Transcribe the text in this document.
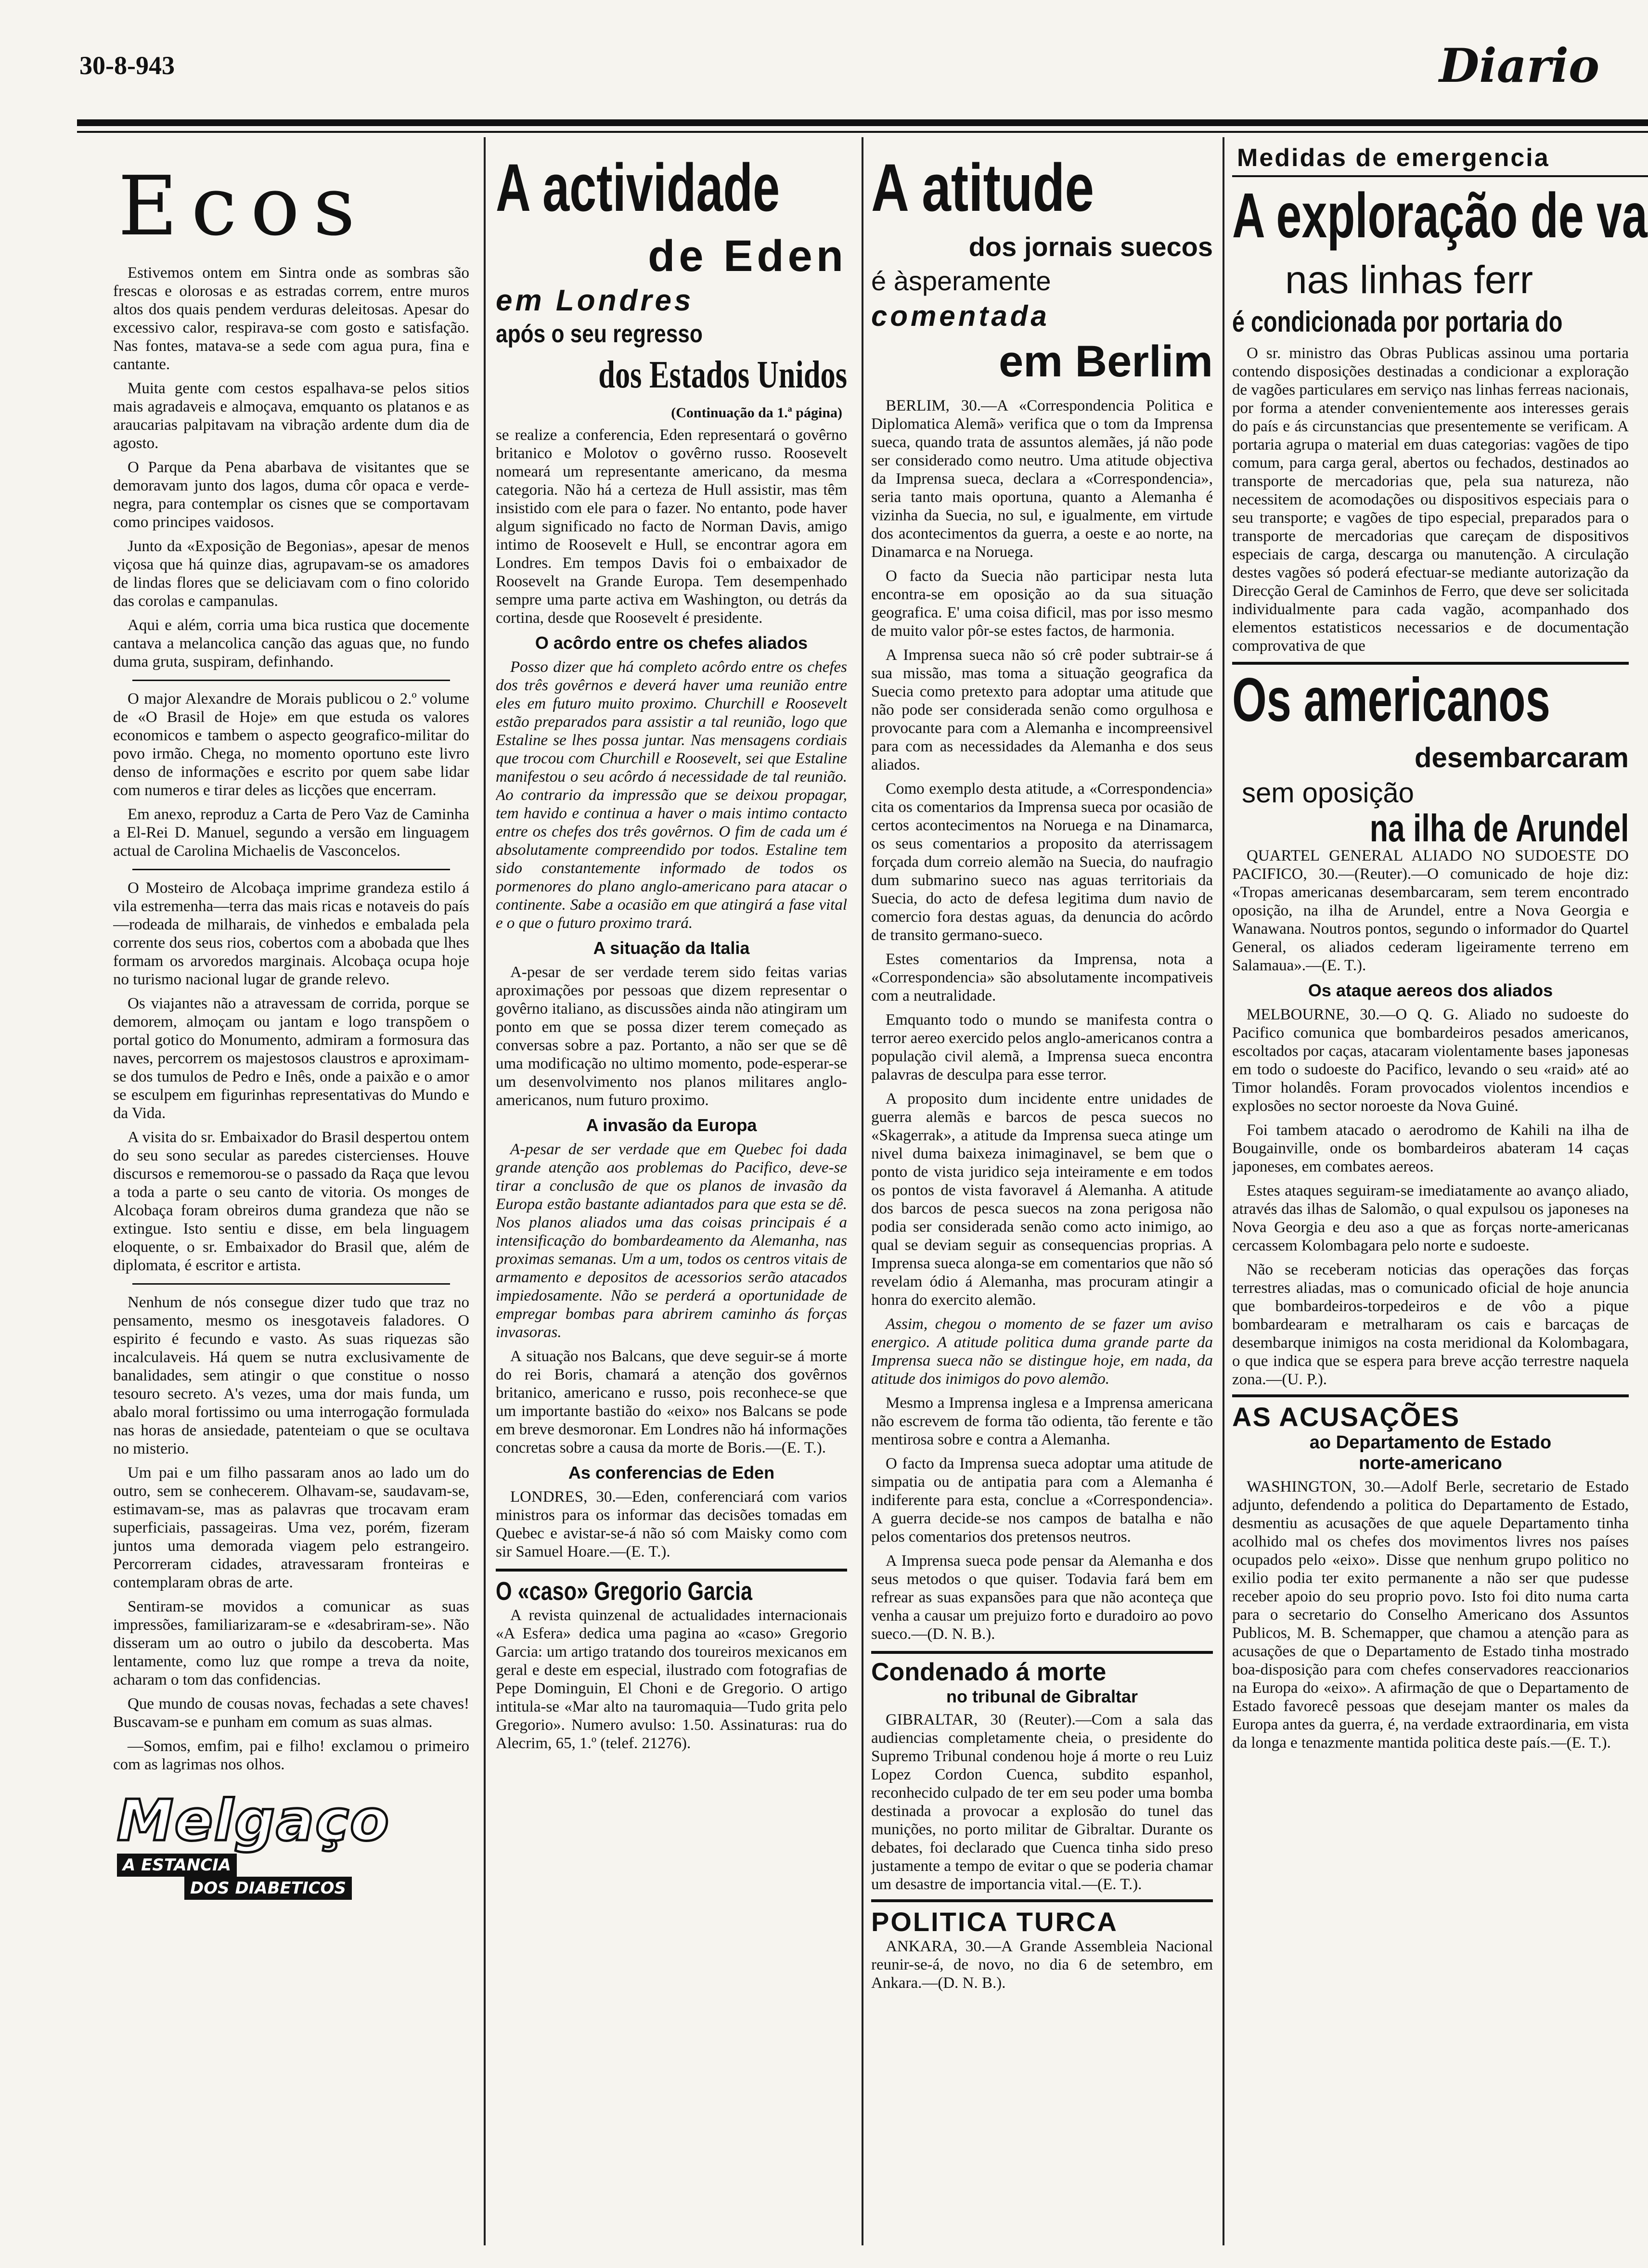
30-8-943	Diario
Ecos

Estivemos ontem em Sintra onde as sombras são frescas e olorosas e as estradas correm, entre muros altos dos quais pendem verduras deleitosas. Apesar do excessivo calor, respirava-se com gosto e satisfação. Nas fontes, matava-se a sede com agua pura, fina e cantante.

Muita gente com cestos espalhava-se pelos sitios mais agradaveis e almoçava, emquanto os platanos e as araucarias palpitavam na vibração ardente dum dia de agosto.

O Parque da Pena abarbava de visitantes que se demoravam junto dos lagos, duma côr opaca e verde-negra, para contemplar os cisnes que se comportavam como principes vaidosos.

Junto da «Exposição de Begonias», apesar de menos viçosa que há quinze dias, agrupavam-se os amadores de lindas flores que se deliciavam com o fino colorido das corolas e campanulas.

Aqui e além, corria uma bica rustica que docemente cantava a melancolica canção das aguas que, no fundo duma gruta, suspiram, definhando.

O major Alexandre de Morais publicou o 2.º volume de «O Brasil de Hoje» em que estuda os valores economicos e tambem o aspecto geografico-militar do povo irmão. Chega, no momento oportuno este livro denso de informações e escrito por quem sabe lidar com numeros e tirar deles as licções que encerram.

Em anexo, reproduz a Carta de Pero Vaz de Caminha a El-Rei D. Manuel, segundo a versão em linguagem actual de Carolina Michaelis de Vasconcelos.

O Mosteiro de Alcobaça imprime grandeza estilo á vila estremenha—terra das mais ricas e notaveis do país—rodeada de milharais, de vinhedos e embalada pela corrente dos seus rios, cobertos com a abobada que lhes formam os arvoredos marginais. Alcobaça ocupa hoje no turismo nacional lugar de grande relevo.

Os viajantes não a atravessam de corrida, porque se demorem, almoçam ou jantam e logo transpõem o portal gotico do Monumento, admiram a formosura das naves, percorrem os majestosos claustros e aproximam-se dos tumulos de Pedro e Inês, onde a paixão e o amor se esculpem em figurinhas representativas do Mundo e da Vida.

A visita do sr. Embaixador do Brasil despertou ontem do seu sono secular as paredes cistercienses. Houve discursos e rememorou-se o passado da Raça que levou a toda a parte o seu canto de vitoria. Os monges de Alcobaça foram obreiros duma grandeza que não se extingue. Isto sentiu e disse, em bela linguagem eloquente, o sr. Embaixador do Brasil que, além de diplomata, é escritor e artista.

Nenhum de nós consegue dizer tudo que traz no pensamento, mesmo os inesgotaveis faladores. O espirito é fecundo e vasto. As suas riquezas são incalculaveis. Há quem se nutra exclusivamente de banalidades, sem atingir o que constitue o nosso tesouro secreto. A's vezes, uma dor mais funda, um abalo moral fortissimo ou uma interrogação formulada nas horas de ansiedade, patenteiam o que se ocultava no misterio.

Um pai e um filho passaram anos ao lado um do outro, sem se conhecerem. Olhavam-se, saudavam-se, estimavam-se, mas as palavras que trocavam eram superficiais, passageiras. Uma vez, porém, fizeram juntos uma demorada viagem pelo estrangeiro. Percorreram cidades, atravessaram fronteiras e contemplaram obras de arte.

Sentiram-se movidos a comunicar as suas impressões, familiarizaram-se e «desabriram-se». Não disseram um ao outro o jubilo da descoberta. Mas lentamente, como luz que rompe a treva da noite, acharam o tom das confidencias.

Que mundo de cousas novas, fechadas a sete chaves! Buscavam-se e punham em comum as suas almas.

—Somos, emfim, pai e filho! exclamou o primeiro com as lagrimas nos olhos.

Melgaço
A ESTANCIA DOS DIABETICOS
A actividade
de Eden
em Londres
após o seu regresso
dos Estados Unidos
(Continuação da 1.ª página)

se realize a conferencia, Eden representará o govêrno britanico e Molotov o govêrno russo. Roosevelt nomeará um representante americano, da mesma categoria. Não há a certeza de Hull assistir, mas têm insistido com ele para o fazer. No entanto, pode haver algum significado no facto de Norman Davis, amigo intimo de Roosevelt e Hull, se encontrar agora em Londres. Em tempos Davis foi o embaixador de Roosevelt na Grande Europa. Tem desempenhado sempre uma parte activa em Washington, ou detrás da cortina, desde que Roosevelt é presidente.

O acôrdo entre os chefes aliados

Posso dizer que há completo acôrdo entre os chefes dos três govêrnos e deverá haver uma reunião entre eles em futuro muito proximo. Churchill e Roosevelt estão preparados para assistir a tal reunião, logo que Estaline se lhes possa juntar. Nas mensagens cordiais que trocou com Churchill e Roosevelt, sei que Estaline manifestou o seu acôrdo á necessidade de tal reunião. Ao contrario da impressão que se deixou propagar, tem havido e continua a haver o mais intimo contacto entre os chefes dos três govêrnos. O fim de cada um é absolutamente compreendido por todos. Estaline tem sido constantemente informado de todos os pormenores do plano anglo-americano para atacar o continente. Sabe a ocasião em que atingirá a fase vital e o que o futuro proximo trará.

A situação da Italia

A-pesar de ser verdade terem sido feitas varias aproximações por pessoas que dizem representar o govêrno italiano, as discussões ainda não atingiram um ponto em que se possa dizer terem começado as conversas sobre a paz. Portanto, a não ser que se dê uma modificação no ultimo momento, pode-esperar-se um desenvolvimento nos planos militares anglo-americanos, num futuro proximo.

A invasão da Europa

A-pesar de ser verdade que em Quebec foi dada grande atenção aos problemas do Pacifico, deve-se tirar a conclusão de que os planos de invasão da Europa estão bastante adiantados para que esta se dê. Nos planos aliados uma das coisas principais é a intensificação do bombardeamento da Alemanha, nas proximas semanas. Um a um, todos os centros vitais de armamento e depositos de acessorios serão atacados impiedosamente. Não se perderá a oportunidade de empregar bombas para abrirem caminho ás forças invasoras.

A situação nos Balcans, que deve seguir-se á morte do rei Boris, chamará a atenção dos govêrnos britanico, americano e russo, pois reconhece-se que um importante bastião do «eixo» nos Balcans se pode em breve desmoronar. Em Londres não há informações concretas sobre a causa da morte de Boris.—(E. T.).

As conferencias de Eden

LONDRES, 30.—Eden, conferenciará com varios ministros para os informar das decisões tomadas em Quebec e avistar-se-á não só com Maisky como com sir Samuel Hoare.—(E. T.).

O «caso» Gregorio Garcia

A revista quinzenal de actualidades internacionais «A Esfera» dedica uma pagina ao «caso» Gregorio Garcia: um artigo tratando dos toureiros mexicanos em geral e deste em especial, ilustrado com fotografias de Pepe Dominguin, El Choni e de Gregorio. O artigo intitula-se «Mar alto na tauromaquia—Tudo grita pelo Gregorio». Numero avulso: 1.50. Assinaturas: rua do Alecrim, 65, 1.º (telef. 21276).

A atitude
dos jornais suecos
é àsperamente
comentada
em Berlim

BERLIM, 30.—A «Correspondencia Politica e Diplomatica Alemã» verifica que o tom da Imprensa sueca, quando trata de assuntos alemães, já não pode ser considerado como neutro. Uma atitude objectiva da Imprensa sueca, declara a «Correspondencia», seria tanto mais oportuna, quanto a Alemanha é vizinha da Suecia, no sul, e igualmente, em virtude dos acontecimentos da guerra, a oeste e ao norte, na Dinamarca e na Noruega.

O facto da Suecia não participar nesta luta encontra-se em oposição ao da sua situação geografica. E' uma coisa dificil, mas por isso mesmo de muito valor pôr-se estes factos, de harmonia.

A Imprensa sueca não só crê poder subtrair-se á sua missão, mas toma a situação geografica da Suecia como pretexto para adoptar uma atitude que não pode ser considerada senão como orgulhosa e provocante para com a Alemanha e incompreensivel para com as necessidades da Alemanha e dos seus aliados.

Como exemplo desta atitude, a «Correspondencia» cita os comentarios da Imprensa sueca por ocasião de certos acontecimentos na Noruega e na Dinamarca, os seus comentarios a proposito da aterrissagem forçada dum correio alemão na Suecia, do naufragio dum submarino sueco nas aguas territoriais da Suecia, do acto de defesa legitima dum navio de comercio fora destas aguas, da denuncia do acôrdo de transito germano-sueco.

Estes comentarios da Imprensa, nota a «Correspondencia» são absolutamente incompativeis com a neutralidade.

Emquanto todo o mundo se manifesta contra o terror aereo exercido pelos anglo-americanos contra a população civil alemã, a Imprensa sueca encontra palavras de desculpa para esse terror.

A proposito dum incidente entre unidades de guerra alemãs e barcos de pesca suecos no «Skagerrak», a atitude da Imprensa sueca atinge um nivel duma baixeza inimaginavel, se bem que o ponto de vista juridico seja inteiramente e em todos os pontos de vista favoravel á Alemanha. A atitude dos barcos de pesca suecos na zona perigosa não podia ser considerada senão como acto inimigo, ao qual se deviam seguir as consequencias proprias. A Imprensa sueca alonga-se em comentarios que não só revelam ódio á Alemanha, mas procuram atingir a honra do exercito alemão.

Assim, chegou o momento de se fazer um aviso energico. A atitude politica duma grande parte da Imprensa sueca não se distingue hoje, em nada, da atitude dos inimigos do povo alemão.

Mesmo a Imprensa inglesa e a Imprensa americana não escrevem de forma tão odienta, tão ferente e tão mentirosa sobre e contra a Alemanha.

O facto da Imprensa sueca adoptar uma atitude de simpatia ou de antipatia para com a Alemanha é indiferente para esta, conclue a «Correspondencia». A guerra decide-se nos campos de batalha e não pelos comentarios dos pretensos neutros.

A Imprensa sueca pode pensar da Alemanha e dos seus metodos o que quiser. Todavia fará bem em refrear as suas expansões para que não aconteça que venha a causar um prejuizo forto e duradoiro ao povo sueco.—(D. N. B.).

Condenado á morte
no tribunal de Gibraltar

GIBRALTAR, 30 (Reuter).—Com a sala das audiencias completamente cheia, o presidente do Supremo Tribunal condenou hoje á morte o reu Luiz Lopez Cordon Cuenca, subdito espanhol, reconhecido culpado de ter em seu poder uma bomba destinada a provocar a explosão do tunel das munições, no porto militar de Gibraltar. Durante os debates, foi declarado que Cuenca tinha sido preso justamente a tempo de evitar o que se poderia chamar um desastre de importancia vital.—(E. T.).

POLITICA TURCA

ANKARA, 30.—A Grande Assembleia Nacional reunir-se-á, de novo, no dia 6 de setembro, em Ankara.—(D. N. B.).

Medidas de emergencia
A exploração de va
nas linhas ferr
é condicionada por portaria do

O sr. ministro das Obras Publicas assinou uma portaria contendo disposições destinadas a condicionar a exploração de vagões particulares em serviço nas linhas ferreas nacionais, por forma a atender convenientemente aos interesses gerais do país e ás circunstancias que presentemente se verificam. A portaria agrupa o material em duas categorias: vagões de tipo comum, para carga geral, abertos ou fechados, destinados ao transporte de mercadorias que, pela sua natureza, não necessitem de acomodações ou dispositivos especiais para o seu transporte; e vagões de tipo especial, preparados para o transporte de mercadorias que careçam de dispositivos especiais de carga, descarga ou manutenção. A circulação destes vagões só poderá efectuar-se mediante autorização da Direcção Geral de Caminhos de Ferro, que deve ser solicitada individualmente para cada vagão, acompanhado dos elementos estatisticos necessarios e de documentação comprovativa de que

Os americanos
desembarcaram
sem oposição
na ilha de Arundel

QUARTEL GENERAL ALIADO NO SUDOESTE DO PACIFICO, 30.—(Reuter).—O comunicado de hoje diz: «Tropas americanas desembarcaram, sem terem encontrado oposição, na ilha de Arundel, entre a Nova Georgia e Wanawana. Noutros pontos, segundo o informador do Quartel General, os aliados cederam ligeiramente terreno em Salamaua».—(E. T.).

Os ataque aereos dos aliados

MELBOURNE, 30.—O Q. G. Aliado no sudoeste do Pacifico comunica que bombardeiros pesados americanos, escoltados por caças, atacaram violentamente bases japonesas em todo o sudoeste do Pacifico, levando o seu «raid» até ao Timor holandês. Foram provocados violentos incendios e explosões no sector noroeste da Nova Guiné.

Foi tambem atacado o aerodromo de Kahili na ilha de Bougainville, onde os bombardeiros abateram 14 caças japoneses, em combates aereos.

Estes ataques seguiram-se imediatamente ao avanço aliado, através das ilhas de Salomão, o qual expulsou os japoneses na Nova Georgia e deu aso a que as forças norte-americanas cercassem Kolombagara pelo norte e sudoeste.

Não se receberam noticias das operações das forças terrestres aliadas, mas o comunicado oficial de hoje anuncia que bombardeiros-torpedeiros e de vôo a pique bombardearam e metralharam os cais e barcaças de desembarque inimigos na costa meridional da Kolombagara, o que indica que se espera para breve acção terrestre naquela zona.—(U. P.).

AS ACUSAÇÕES
ao Departamento de Estado
norte-americano

WASHINGTON, 30.—Adolf Berle, secretario de Estado adjunto, defendendo a politica do Departamento de Estado, desmentiu as acusações de que aquele Departamento tinha acolhido mal os chefes dos movimentos livres nos países ocupados pelo «eixo». Disse que nenhum grupo politico no exilio podia ter exito permanente a não ser que pudesse receber apoio do seu proprio povo. Isto foi dito numa carta para o secretario do Conselho Americano dos Assuntos Publicos, M. B. Schemapper, que chamou a atenção para as acusações de que o Departamento de Estado tinha mostrado boa-disposição para com chefes conservadores reaccionarios na Europa do «eixo». A afirmação de que o Departamento de Estado favorecê pessoas que desejam manter os males da Europa antes da guerra, é, na verdade extraordinaria, em vista da longa e tenazmente mantida politica deste país.—(E. T.).
